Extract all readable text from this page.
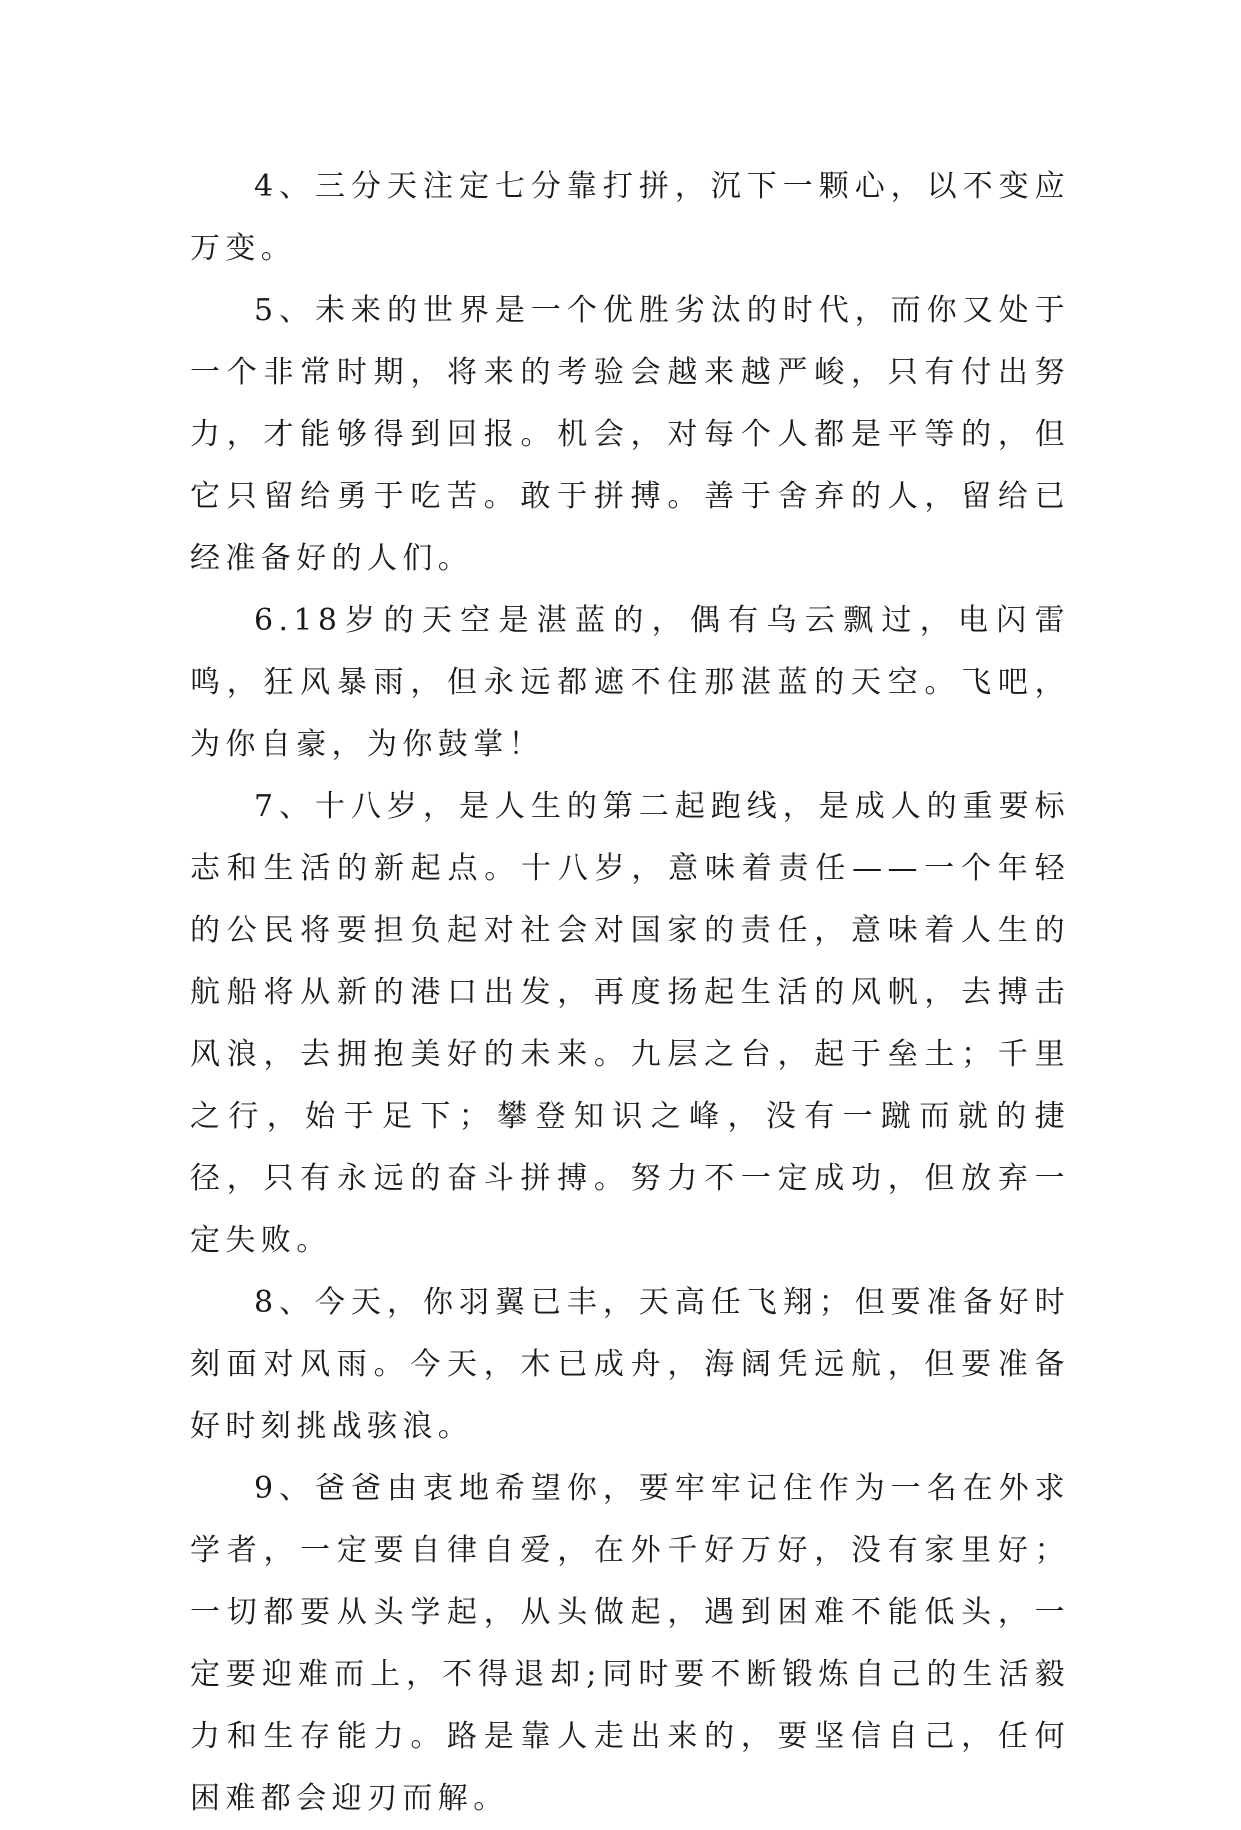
4、三分天注定七分靠打拼，沉下一颗心，以不变应万变。

5、未来的世界是一个优胜劣汰的时代，而你又处于一个非常时期，将来的考验会越来越严峻，只有付出努力，才能够得到回报。机会，对每个人都是平等的，但它只留给勇于吃苦。敢于拼搏。善于舍弃的人，留给已经准备好的人们。

6.18岁的天空是湛蓝的，偶有乌云飘过，电闪雷鸣，狂风暴雨，但永远都遮不住那湛蓝的天空。飞吧，为你自豪，为你鼓掌！

7、十八岁，是人生的第二起跑线，是成人的重要标志和生活的新起点。十八岁，意味着责任——一个年轻的公民将要担负起对社会对国家的责任，意味着人生的航船将从新的港口出发，再度扬起生活的风帆，去搏击风浪，去拥抱美好的未来。九层之台，起于垒土；千里之行，始于足下；攀登知识之峰，没有一蹴而就的捷径，只有永远的奋斗拼搏。努力不一定成功，但放弃一定失败。

8、今天，你羽翼已丰，天高任飞翔；但要准备好时刻面对风雨。今天，木已成舟，海阔凭远航，但要准备好时刻挑战骇浪。

9、爸爸由衷地希望你，要牢牢记住作为一名在外求学者，一定要自律自爱，在外千好万好，没有家里好；一切都要从头学起，从头做起，遇到困难不能低头，一定要迎难而上，不得退却;同时要不断锻炼自己的生活毅力和生存能力。路是靠人走出来的，要坚信自己，任何困难都会迎刃而解。
